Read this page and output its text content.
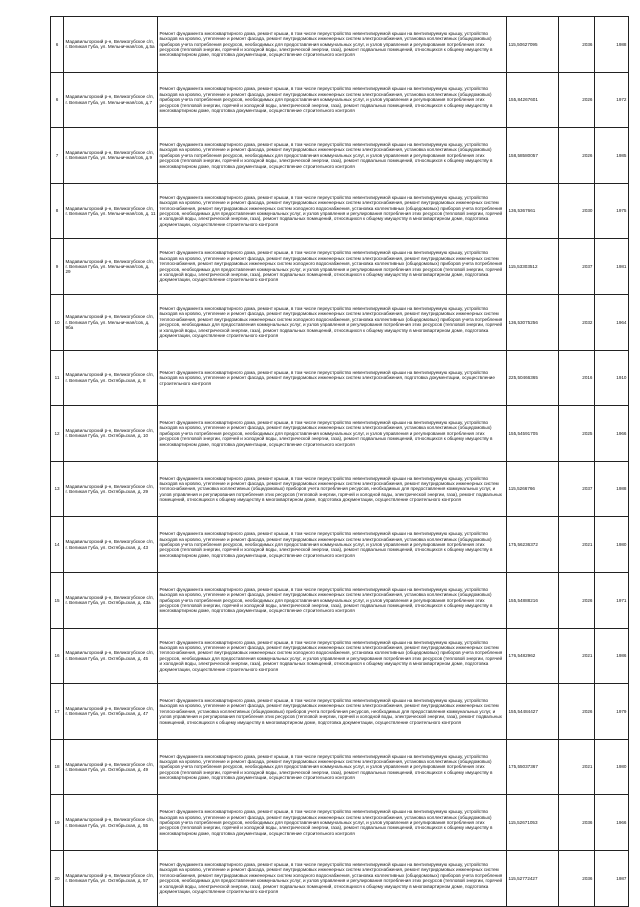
6	Мадавильгорский р-н, Великогубское с/п, г. Великая Губа, ул. Мельничная/сов, д.5а	Ремонт фундамента многоквартирного дома, ремонт крыши, в том числе переустройство невентилируемой крыши на вентилируемую крышу, устройство выходов на кровлю, утепление и ремонт фасада, ремонт внутридомовых инженерных систем электроснабжения, установка коллективных (общедомовых) приборов учета потребления ресурсов, необходимых для предоставления коммунальных услуг, и узлов управления и регулирования потребления этих ресурсов (тепловой энергии, горячей и холодной воды, электрической энергии, газа), ремонт подвальных помещений, относящихся к общему имуществу в многоквартирном доме, подготовка документации, осуществление строительного контроля	115,50627095	2036	1988
6	Мадавильгорский р-н, Великогубское с/п, г. Великая Губа, ул. Мельничная/сов, д.7	Ремонт фундамента многоквартирного дома, ремонт крыши, в том числе переустройство невентилируемой крыши на вентилируемую крышу, устройство выходов на кровлю, утепление и ремонт фасада, ремонт внутридомовых инженерных систем электроснабжения, установка коллективных (общедомовых) приборов учета потребления ресурсов, необходимых для предоставления коммунальных услуг, и узлов управления и регулирования потребления этих ресурсов (тепловой энергии, горячей и холодной воды, электрической энергии, газа), ремонт подвальных помещений, относящихся к общему имуществу в многоквартирном доме, подготовка документации, осуществление строительного контроля	155,84267601	2026	1972
7	Мадавильгорский р-н, Великогубское с/п, г. Великая Губа, ул. Мельничная/сов, д.9	Ремонт фундамента многоквартирного дома, ремонт крыши, в том числе переустройство невентилируемой крыши на вентилируемую крышу, устройство выходов на кровлю, утепление и ремонт фасада, ремонт внутридомовых инженерных систем электроснабжения, установка коллективных (общедомовых) приборов учета потребления ресурсов, необходимых для предоставления коммунальных услуг, и узлов управления и регулирования потребления этих ресурсов (тепловой энергии, горячей и холодной воды, электрической энергии, газа), ремонт подвальных помещений, относящихся к общему имуществу в многоквартирном доме, подготовка документации, осуществление строительного контроля	158,58580057	2026	1985
8	Мадавильгорский р-н, Великогубское с/п, г. Великая Губа, ул. Мельничная/сов, д. 11	Ремонт фундамента многоквартирного дома, ремонт крыши, в том числе переустройство невентилируемой крыши на вентилируемую крышу, устройство выходов на кровлю, утепление и ремонт фасада, ремонт внутридомовых инженерных систем электроснабжения, ремонт внутридомовых инженерных систем теплоснабжения, ремонт внутридомовых инженерных систем холодного водоснабжения, установка коллективных (общедомовых) приборов учета потребления ресурсов, необходимых для предоставления коммунальных услуг, и узлов управления и регулирования потребления этих ресурсов (тепловой энергии, горячей и холодной воды, электрической энергии, газа), ремонт подвальных помещений, относящихся к общему имуществу в многоквартирном доме, подготовка документации, осуществление строительного контроля	136,5367661	2030	1975
9	Мадавильгорский р-н, Великогубское с/п, г. Великая Губа, ул. Мельничная/сов, д. 29	Ремонт фундамента многоквартирного дома, ремонт крыши, в том числе переустройство невентилируемой крыши на вентилируемую крышу, устройство выходов на кровлю, утепление и ремонт фасада, ремонт внутридомовых инженерных систем электроснабжения, ремонт внутридомовых инженерных систем теплоснабжения, ремонт внутридомовых инженерных систем холодного водоснабжения, установка коллективных (общедомовых) приборов учета потребления ресурсов, необходимых для предоставления коммунальных услуг, и узлов управления и регулирования потребления этих ресурсов (тепловой энергии, горячей и холодной воды, электрической энергии, газа), ремонт подвальных помещений, относящихся к общему имуществу в многоквартирном доме, подготовка документации, осуществление строительного контроля	115,53303512	2037	1981
10	Мадавильгорский р-н, Великогубское с/п, г. Великая Губа, ул. Мельничная/сов, д. 9ба	Ремонт фундамента многоквартирного дома, ремонт крыши, в том числе переустройство невентилируемой крыши на вентилируемую крышу, устройство выходов на кровлю, утепление и ремонт фасада, ремонт внутридомовых инженерных систем электроснабжения, ремонт внутридомовых инженерных систем теплоснабжения, ремонт внутридомовых инженерных систем холодного водоснабжения, установка коллективных (общедомовых) приборов учета потребления ресурсов, необходимых для предоставления коммунальных услуг, и узлов управления и регулирования потребления этих ресурсов (тепловой энергии, горячей и холодной воды, электрической энергии, газа), ремонт подвальных помещений, относящихся к общему имуществу в многоквартирном доме, подготовка документации, осуществление строительного контроля	136,53075256	2032	1964
11	Мадавильгорский р-н, Великогубское с/п, г. Великая Губа, ул. Октябрьская, д. 8	Ремонт фундамента многоквартирного дома, ремонт крыши, в том числе переустройство невентилируемой крыши на вентилируемую крышу, устройство выходов на кровлю, утепление и ремонт фасада, ремонт внутридомовых инженерных систем электроснабжения, подготовка документации, осуществление строительного контроля	225,50466365	2016	1910
12	Мадавильгорский р-н, Великогубское с/п, г. Великая Губа, ул. Октябрьская, д. 10	Ремонт фундамента многоквартирного дома, ремонт крыши, в том числе переустройство невентилируемой крыши на вентилируемую крышу, устройство выходов на кровлю, утепление и ремонт фасада, ремонт внутридомовых инженерных систем электроснабжения, установка коллективных (общедомовых) приборов учета потребления ресурсов, необходимых для предоставления коммунальных услуг, и узлов управления и регулирования потребления этих ресурсов (тепловой энергии, горячей и холодной воды, электрической энергии, газа), ремонт подвальных помещений, относящихся к общему имуществу в многоквартирном доме, подготовка документации, осуществление строительного контроля	155,54591705	2025	1966
13	Мадавильгорский р-н, Великогубское с/п, г. Великая Губа, ул. Октябрьская, д. 29	Ремонт фундамента многоквартирного дома, ремонт крыши, в том числе переустройство невентилируемой крыши на вентилируемую крышу, устройство выходов на кровлю, утепление и ремонт фасада, ремонт внутридомовых инженерных систем электроснабжения, ремонт внутридомовых инженерных систем теплоснабжения, установка коллективных (общедомовых) приборов учета потребления ресурсов, необходимых для предоставления коммунальных услуг, и узлов управления и регулирования потребления этих ресурсов (тепловой энергии, горячей и холодной воды, электрической энергии, газа), ремонт подвальных помещений, относящихся к общему имуществу в многоквартирном доме, подготовка документации, осуществление строительного контроля	115,5266766	2037	1988
14	Мадавильгорский р-н, Великогубское с/п, г. Великая Губа, ул. Октябрьская, д. 43	Ремонт фундамента многоквартирного дома, ремонт крыши, в том числе переустройство невентилируемой крыши на вентилируемую крышу, устройство выходов на кровлю, утепление и ремонт фасада, ремонт внутридомовых инженерных систем электроснабжения, установка коллективных (общедомовых) приборов учета потребления ресурсов, необходимых для предоставления коммунальных услуг, и узлов управления и регулирования потребления этих ресурсов (тепловой энергии, горячей и холодной воды, электрической энергии, газа), ремонт подвальных помещений, относящихся к общему имуществу в многоквартирном доме, подготовка документации, осуществление строительного контроля	175,56236372	2021	1980
15	Мадавильгорский р-н, Великогубское с/п, г. Великая Губа, ул. Октябрьская, д. 43а	Ремонт фундамента многоквартирного дома, ремонт крыши, в том числе переустройство невентилируемой крыши на вентилируемую крышу, устройство выходов на кровлю, утепление и ремонт фасада, ремонт внутридомовых инженерных систем электроснабжения, установка коллективных (общедомовых) приборов учета потребления ресурсов, необходимых для предоставления коммунальных услуг, и узлов управления и регулирования потребления этих ресурсов (тепловой энергии, горячей и холодной воды, электрической энергии, газа), ремонт подвальных помещений, относящихся к общему имуществу в многоквартирном доме, подготовка документации, осуществление строительного контроля	155,54888216	2026	1971
16	Мадавильгорский р-н, Великогубское с/п, г. Великая Губа, ул. Октябрьская, д. 45	Ремонт фундамента многоквартирного дома, ремонт крыши, в том числе переустройство невентилируемой крыши на вентилируемую крышу, устройство выходов на кровлю, утепление и ремонт фасада, ремонт внутридомовых инженерных систем электроснабжения, ремонт внутридомовых инженерных систем теплоснабжения, ремонт внутридомовых инженерных систем холодного водоснабжения, установка коллективных (общедомовых) приборов учета потребления ресурсов, необходимых для предоставления коммунальных услуг, и узлов управления и регулирования потребления этих ресурсов (тепловой энергии, горячей и холодной воды, электрической энергии, газа), ремонт подвальных помещений, относящихся к общему имуществу в многоквартирном доме, подготовка документации, осуществление строительного контроля	176,5482962	2021	1986
17	Мадавильгорский р-н, Великогубское с/п, г. Великая Губа, ул. Октябрьская, д. 47	Ремонт фундамента многоквартирного дома, ремонт крыши, в том числе переустройство невентилируемой крыши на вентилируемую крышу, устройство выходов на кровлю, утепление и ремонт фасада, ремонт внутридомовых инженерных систем электроснабжения, ремонт внутридомовых инженерных систем теплоснабжения, установка коллективных (общедомовых) приборов учета потребления ресурсов, необходимых для предоставления коммунальных услуг, и узлов управления и регулирования потребления этих ресурсов (тепловой энергии, горячей и холодной воды, электрической энергии, газа), ремонт подвальных помещений, относящихся к общему имуществу в многоквартирном доме, подготовка документации, осуществление строительного контроля	155,54484427	2026	1979
18	Мадавильгорский р-н, Великогубское с/п, г. Великая Губа, ул. Октябрьская, д. 49	Ремонт фундамента многоквартирного дома, ремонт крыши, в том числе переустройство невентилируемой крыши на вентилируемую крышу, устройство выходов на кровлю, утепление и ремонт фасада, ремонт внутридомовых инженерных систем электроснабжения, установка коллективных (общедомовых) приборов учета потребления ресурсов, необходимых для предоставления коммунальных услуг, и узлов управления и регулирования потребления этих ресурсов (тепловой энергии, горячей и холодной воды, электрической энергии, газа), ремонт подвальных помещений, относящихся к общему имуществу в многоквартирном доме, подготовка документации, осуществление строительного контроля	175,55037367	2021	1980
19	Мадавильгорский р-н, Великогубское с/п, г. Великая Губа, ул. Октябрьская, д. 55	Ремонт фундамента многоквартирного дома, ремонт крыши, в том числе переустройство невентилируемой крыши на вентилируемую крышу, устройство выходов на кровлю, утепление и ремонт фасада, ремонт внутридомовых инженерных систем электроснабжения, установка коллективных (общедомовых) приборов учета потребления ресурсов, необходимых для предоставления коммунальных услуг, и узлов управления и регулирования потребления этих ресурсов (тепловой энергии, горячей и холодной воды, электрической энергии, газа), ремонт подвальных помещений, относящихся к общему имуществу в многоквартирном доме, подготовка документации, осуществление строительного контроля	115,52671053	2036	1966
20	Мадавильгорский р-н, Великогубское с/п, г. Великая Губа, ул. Октябрьская, д. 57	Ремонт фундамента многоквартирного дома, ремонт крыши, в том числе переустройство невентилируемой крыши на вентилируемую крышу, устройство выходов на кровлю, утепление и ремонт фасада, ремонт внутридомовых инженерных систем электроснабжения, ремонт внутридомовых инженерных систем теплоснабжения, ремонт внутридомовых инженерных систем холодного водоснабжения, установка коллективных (общедомовых) приборов учета потребления ресурсов, необходимых для предоставления коммунальных услуг, и узлов управления и регулирования потребления этих ресурсов (тепловой энергии, горячей и холодной воды, электрической энергии, газа), ремонт подвальных помещений, относящихся к общему имуществу в многоквартирном доме, подготовка документации, осуществление строительного контроля	115,52772427	2036	1987
